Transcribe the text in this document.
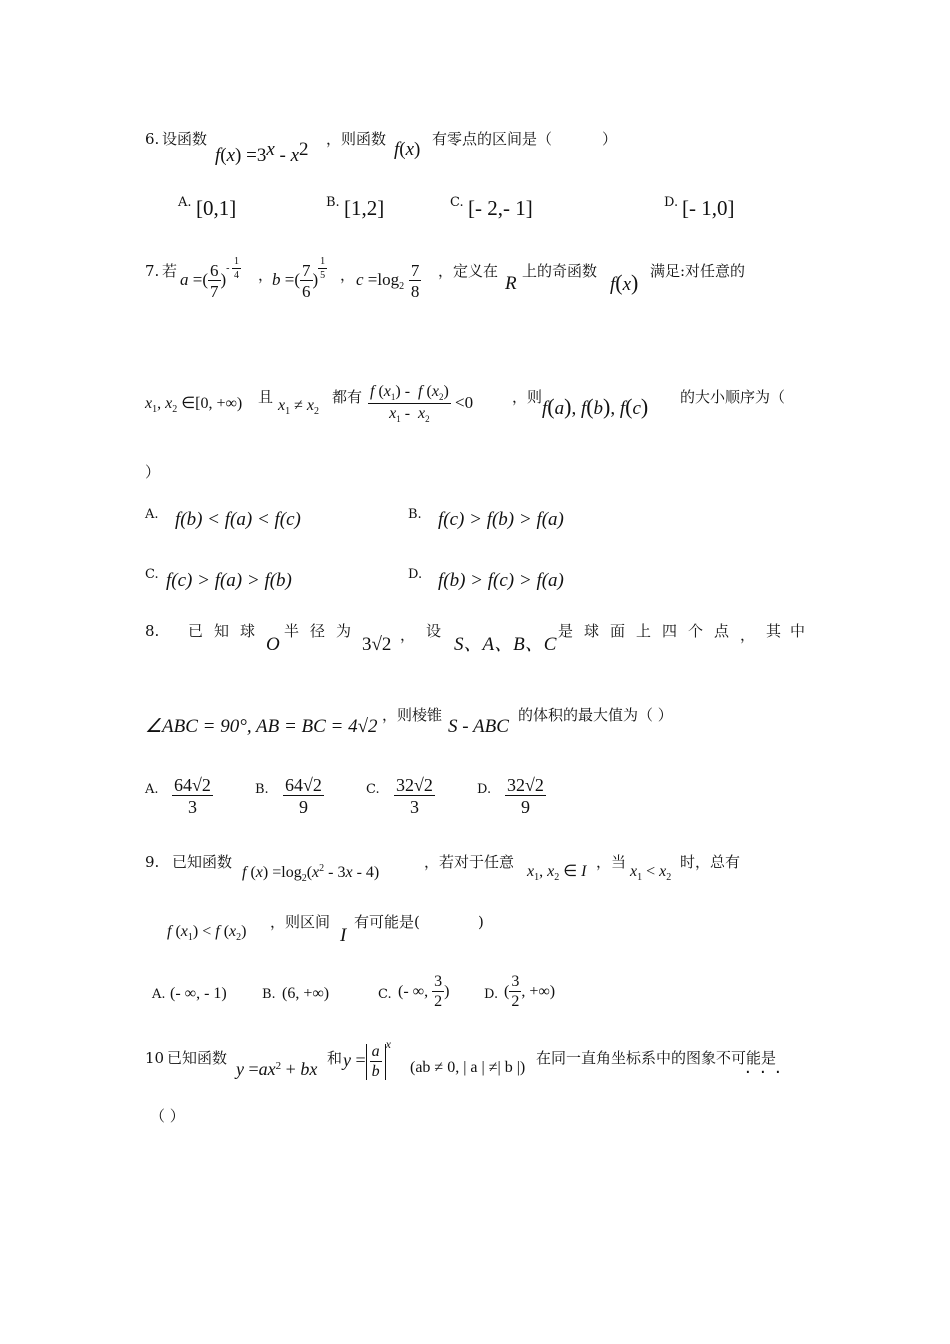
6. 设函数
$f(x) =3^x - x^2$ ，则函数 f(x) 有零点的区间是（	）
A. [0,1]	B. [1,2]	C. [- 2,- 1]	D. [- 1,0]
7. 若 a =( $\frac{6}{7} )^{- \frac{1}{4}}$ ，
b =( $\frac{7}{6}$ ) $^{\frac{1}{5}}$ ， $c =\log_2 \frac{7}{8}$ ，定义在
R
上的奇函数
f(x) 满足:对任意的
$x_1$, $x_2$ ∈[0, +∞) 且 $x_1 \ne x_2$
都有 $\frac{f (x_1) - f (x_2)}{x_1 - x_2} <0$	，则
f(a), f(b), f(c) 的大小顺序为（
）
A. f(b) < f(a) < f(c)	B. f(c) > f(b) > f(a)
C. f(c) > f(a) > f(b)	D. f(b) > f(c) > f(a)
8. 已 知 球
O
半 径 为
3√2 ， 设
S、A、B、C
是 球 面 上 四 个 点 ， 其 中
∠ABC = 90°, AB = BC = 4√2
，则棱锥
S - ABC
的体积的最大值为（ ）
A. $\frac{64√2}{3}$	B. $\frac{64√2}{9}$	C. $\frac{32√2}{3}$	D. $\frac{32√2}{9}$
9. 已知函数
f $(x) =\log_2(x^2 - 3x - 4)$
，若对于任意
$x_1$, $x_2$ ∈ I
，当
$x_1 < x_2$
时，总有
f $(x_1) < f$ $(x_2)$
，则区间
I
有可能是(	)
A. (- ∞, - 1)	B. (6, +∞)	C. (- ∞, $\frac{3}{2}$ )	D. ( $\frac{3}{2}$ , +∞)
10 已知函数
$y =ax^2$ + bx
和 $y = \frac{a}{b} ^x$
(ab ≠ 0, | a | ≠| b |)
在同一直角坐标系中的图象不可能是
· · ·
（ ）
